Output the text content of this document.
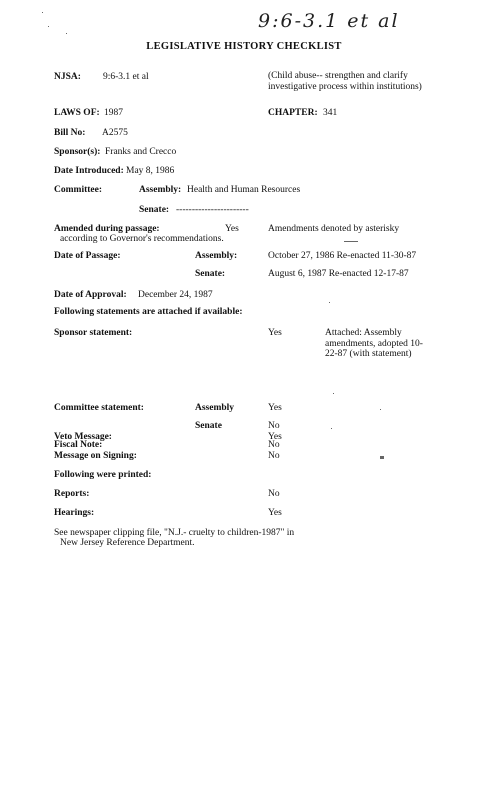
9:6-3.1 et al
LEGISLATIVE HISTORY CHECKLIST
NJSA: 9:6-3.1 et al	(Child abuse-- strengthen and clarify investigative process within institutions)
LAWS OF: 1987	CHAPTER: 341
Bill No: A2575
Sponsor(s): Franks and Crecco
Date Introduced: May 8, 1986
Committee:	Assembly: Health and Human Resources
Senate: -----------------------
Amended during passage:	Yes	Amendments denoted by asterisky
according to Governor's recommendations.
Date of Passage:	Assembly:	October 27, 1986 Re-enacted 11-30-87
Senate:	August 6, 1987 Re-enacted 12-17-87
Date of Approval: December 24, 1987
Following statements are attached if available:
Sponsor statement:	Yes	Attached: Assembly amendments, adopted 10-22-87 (with statement)
Committee statement:	Assembly	Yes
Senate	No
Fiscal Note:	No
Veto Message:	Yes
Message on Signing:	No
Following were printed:
Reports:	No
Hearings:	Yes
See newspaper clipping file, "N.J.- cruelty to children-1987" in
New Jersey Reference Department.
